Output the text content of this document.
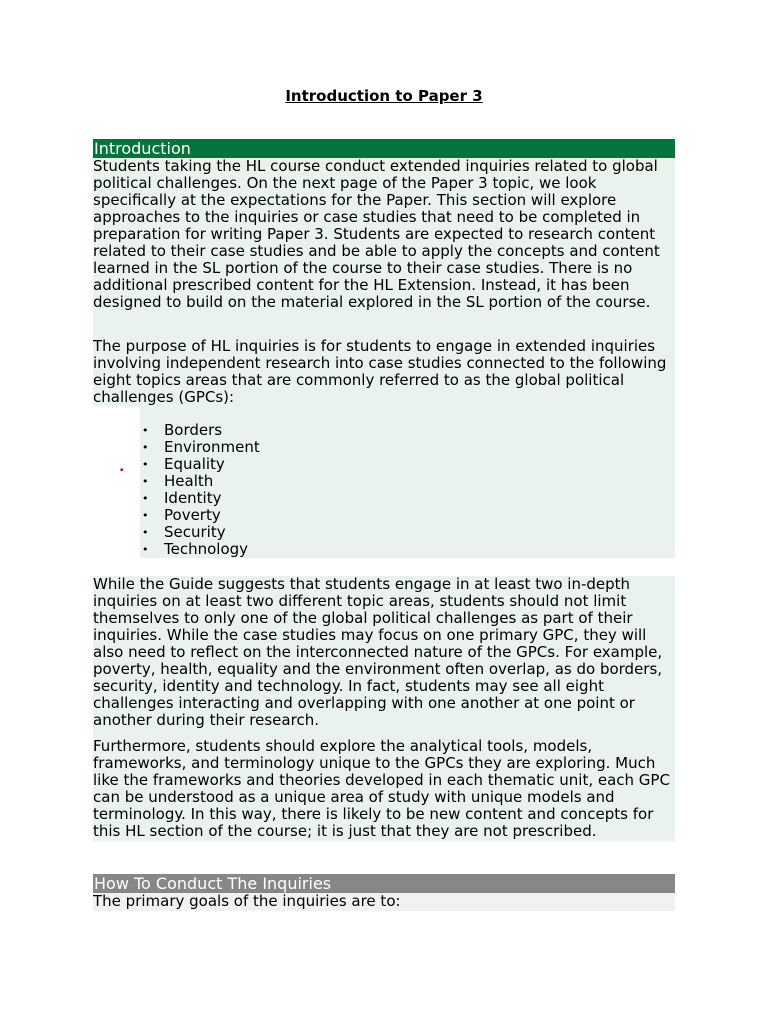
Introduction to Paper 3
Introduction

Students taking the HL course conduct extended inquiries related to global political challenges. On the next page of the Paper 3 topic, we look specifically at the expectations for the Paper. This section will explore approaches to the inquiries or case studies that need to be completed in preparation for writing Paper 3. Students are expected to research content related to their case studies and be able to apply the concepts and content learned in the SL portion of the course to their case studies. There is no additional prescribed content for the HL Extension. Instead, it has been designed to build on the material explored in the SL portion of the course.

The purpose of HL inquiries is for students to engage in extended inquiries involving independent research into case studies connected to the following eight topics areas that are commonly referred to as the global political challenges (GPCs):

• Borders
• Environment
• Equality
• Health
• Identity
• Poverty
• Security
• Technology

While the Guide suggests that students engage in at least two in-depth inquiries on at least two different topic areas, students should not limit themselves to only one of the global political challenges as part of their inquiries. While the case studies may focus on one primary GPC, they will also need to reflect on the interconnected nature of the GPCs. For example, poverty, health, equality and the environment often overlap, as do borders, security, identity and technology. In fact, students may see all eight challenges interacting and overlapping with one another at one point or another during their research.

Furthermore, students should explore the analytical tools, models, frameworks, and terminology unique to the GPCs they are exploring. Much like the frameworks and theories developed in each thematic unit, each GPC can be understood as a unique area of study with unique models and terminology. In this way, there is likely to be new content and concepts for this HL section of the course; it is just that they are not prescribed.

▪
How To Conduct The Inquiries

The primary goals of the inquiries are to:
